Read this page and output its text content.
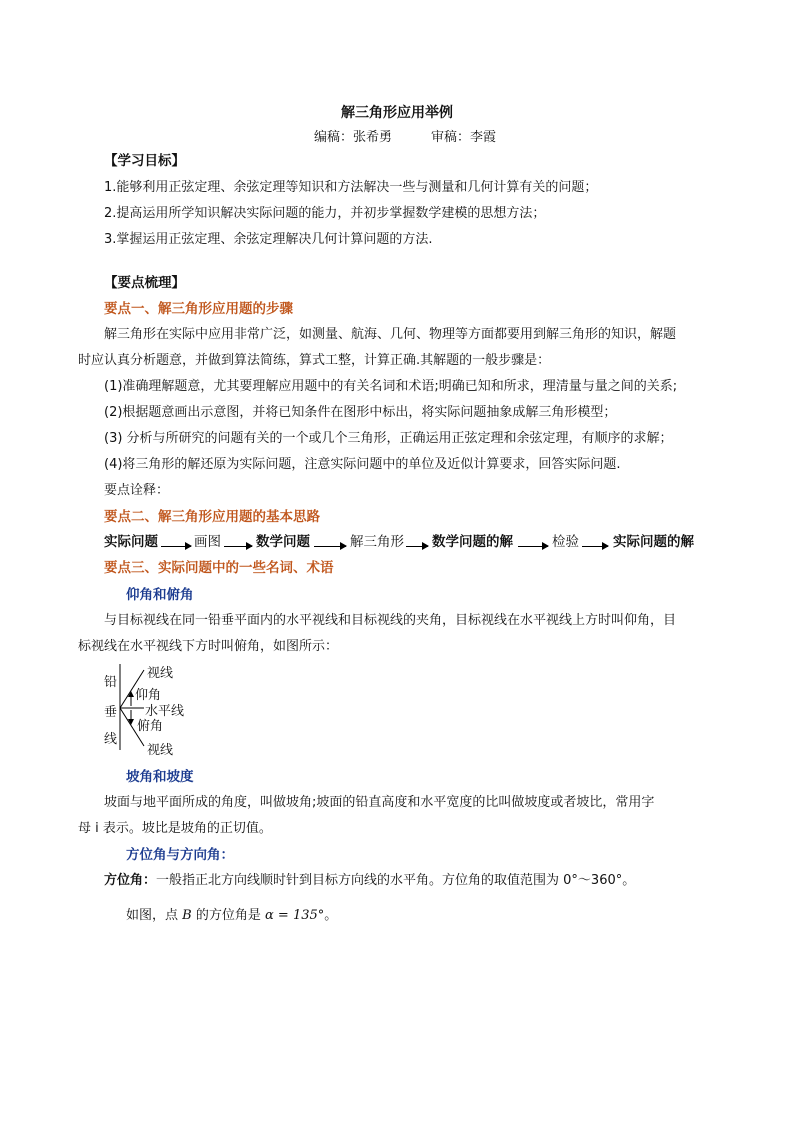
解三角形应用举例
编稿：张希勇　　　审稿：李霞
【学习目标】
1.能够利用正弦定理、余弦定理等知识和方法解决一些与测量和几何计算有关的问题；
2.提高运用所学知识解决实际问题的能力，并初步掌握数学建模的思想方法；
3.掌握运用正弦定理、余弦定理解决几何计算问题的方法.
【要点梳理】
要点一、解三角形应用题的步骤
解三角形在实际中应用非常广泛，如测量、航海、几何、物理等方面都要用到解三角形的知识，解题
时应认真分析题意，并做到算法简练，算式工整，计算正确.其解题的一般步骤是：
(1)准确理解题意，尤其要理解应用题中的有关名词和术语;明确已知和所求，理清量与量之间的关系;
(2)根据题意画出示意图，并将已知条件在图形中标出，将实际问题抽象成解三角形模型；
(3) 分析与所研究的问题有关的一个或几个三角形，正确运用正弦定理和余弦定理，有顺序的求解；
(4)将三角形的解还原为实际问题，注意实际问题中的单位及近似计算要求，回答实际问题.
要点诠释：
要点二、解三角形应用题的基本思路
实际问题	画图	数学问题	解三角形 数学问题的解	检验	实际问题的解
要点三、实际问题中的一些名词、术语
仰角和俯角
与目标视线在同一铅垂平面内的水平视线和目标视线的夹角，目标视线在水平视线上方时叫仰角，目
标视线在水平视线下方时叫俯角，如图所示：
铅
垂
线
视线
仰角
水平线
俯角
视线
坡角和坡度
坡面与地平面所成的角度，叫做坡角;坡面的铅直高度和水平宽度的比叫做坡度或者坡比，常用字
母 i 表示。坡比是坡角的正切值。
方位角与方向角：
方位角：一般指正北方向线顺时针到目标方向线的水平角。方位角的取值范围为 0°～360°。
如图，点 B 的方位角是 α = 135°。
